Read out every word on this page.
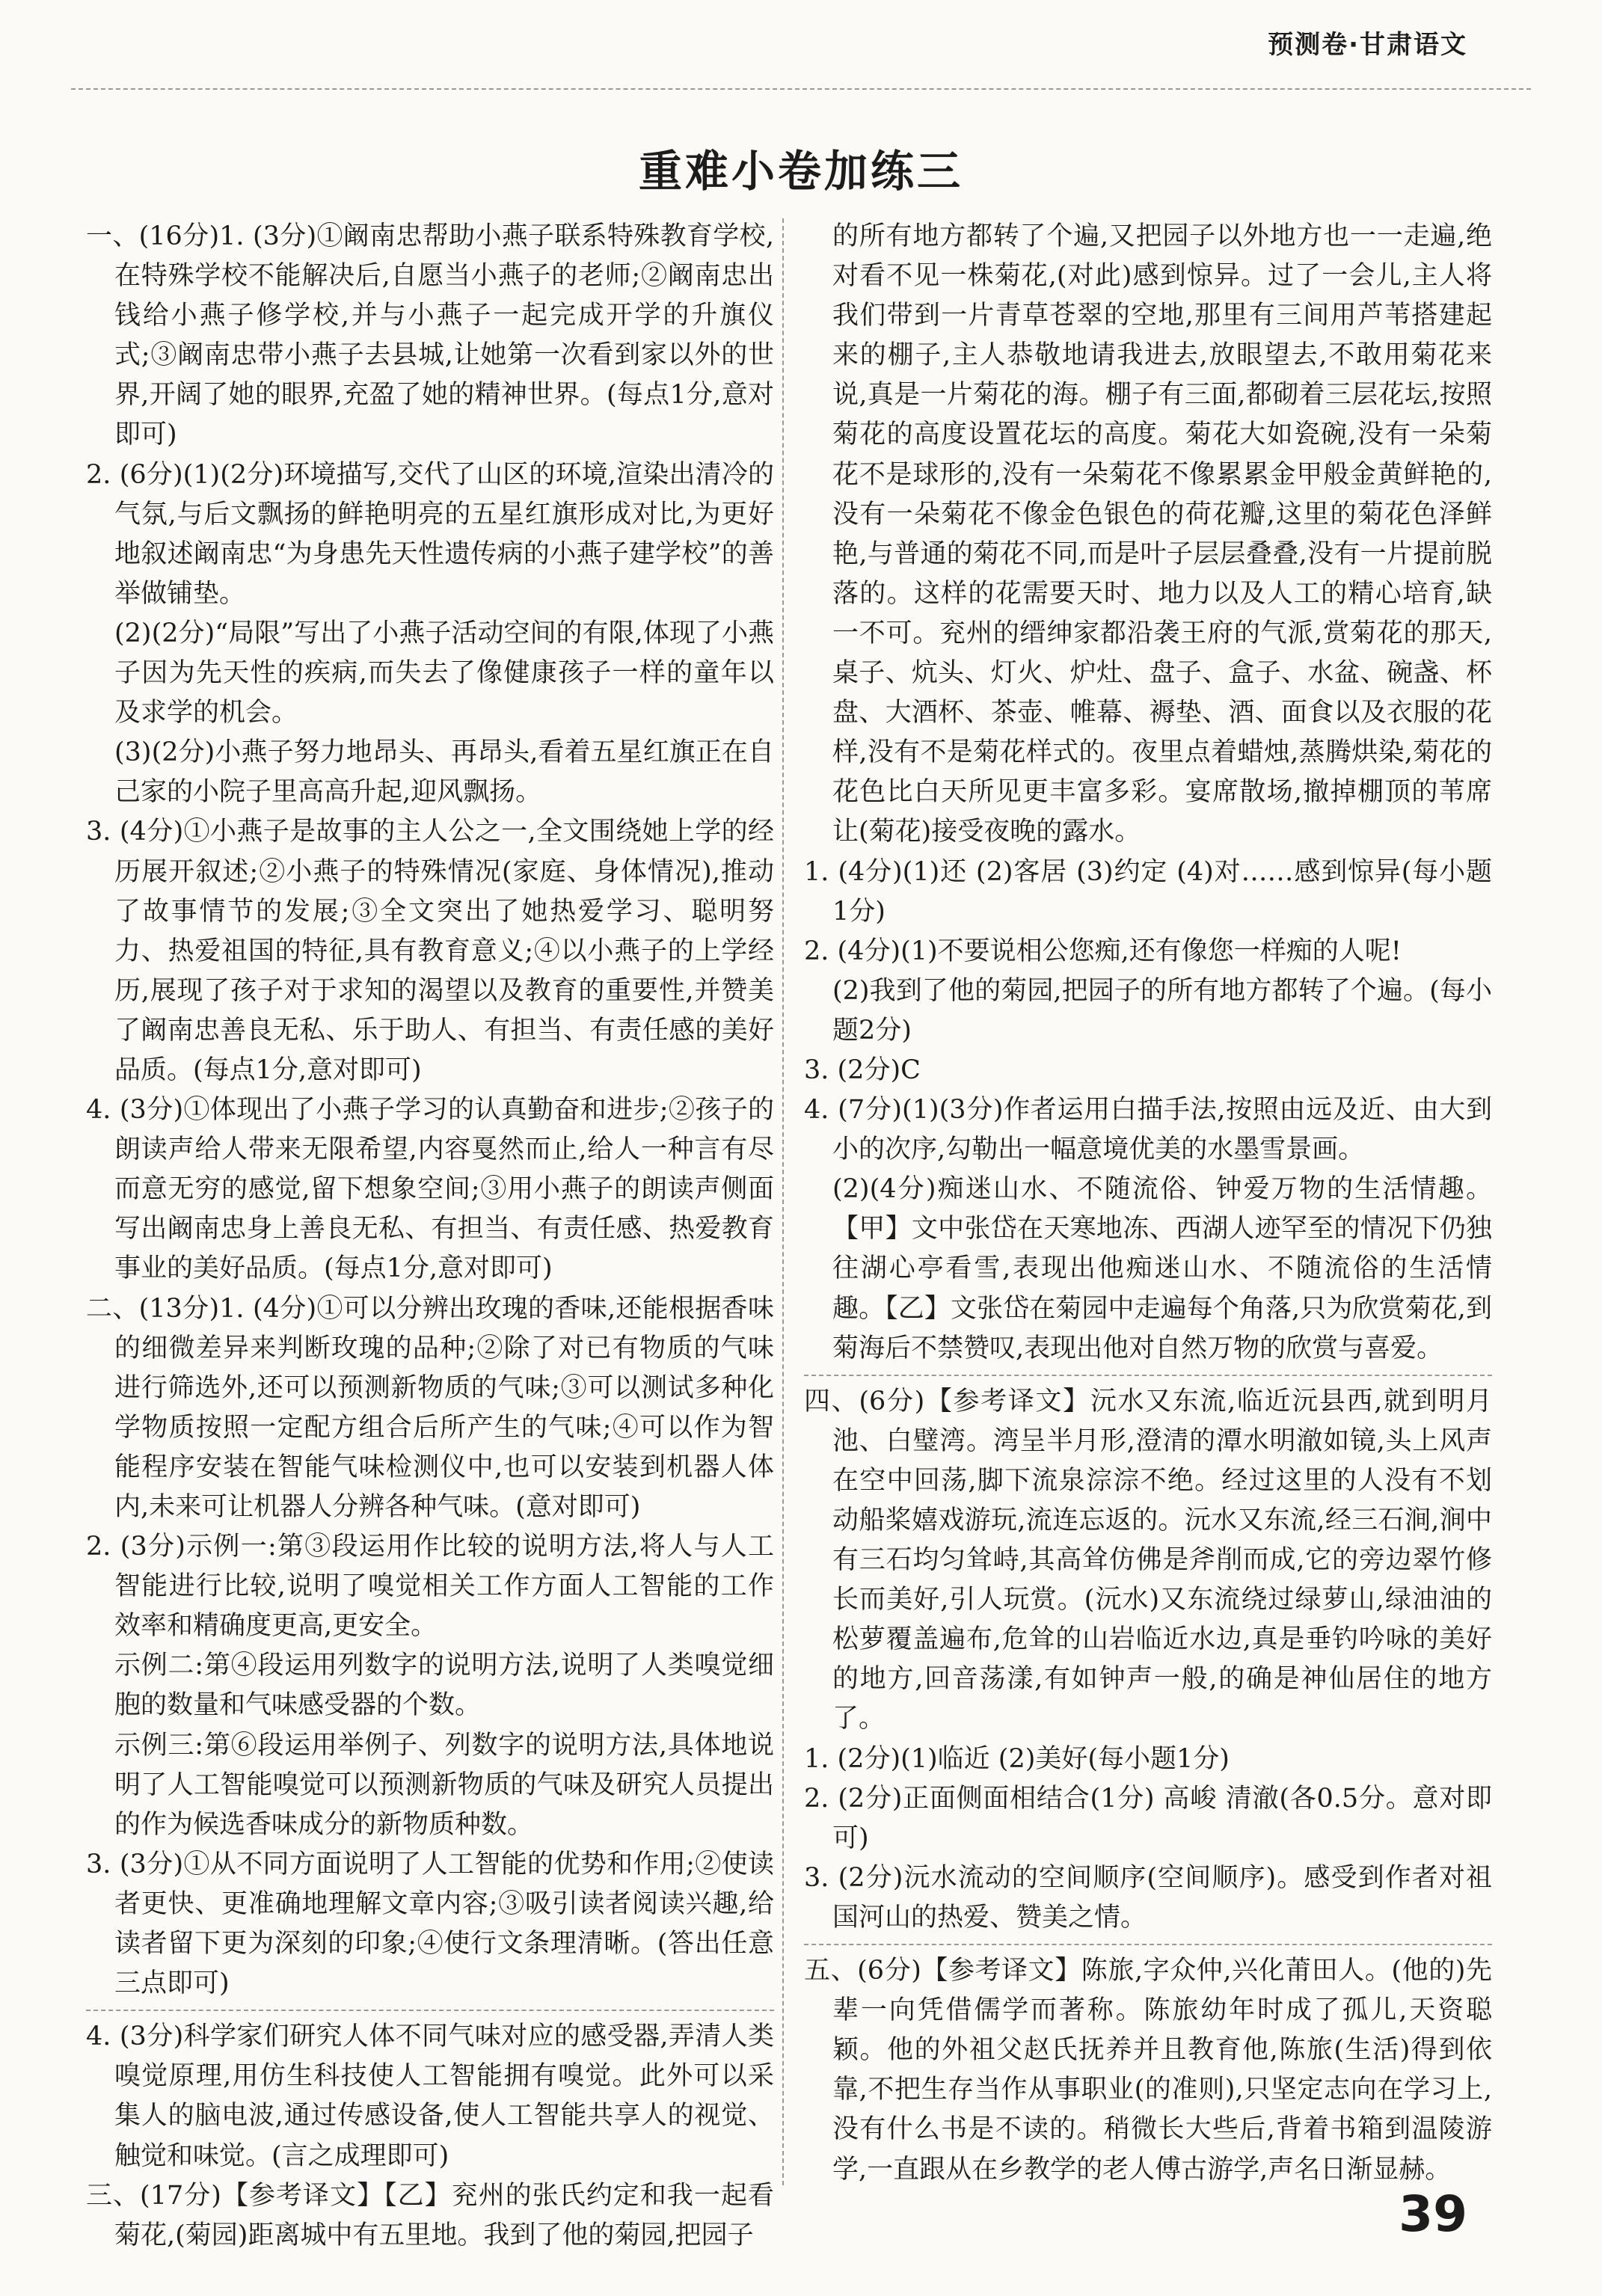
预测卷·甘肃语文
重难小卷加练三

一、(16分)1. (3分)①阚南忠帮助小燕子联系特殊教育学校,在特殊学校不能解决后,自愿当小燕子的老师;②阚南忠出钱给小燕子修学校,并与小燕子一起完成开学的升旗仪式;③阚南忠带小燕子去县城,让她第一次看到家以外的世界,开阔了她的眼界,充盈了她的精神世界。(每点1分,意对即可)

2. (6分)(1)(2分)环境描写,交代了山区的环境,渲染出清冷的气氛,与后文飘扬的鲜艳明亮的五星红旗形成对比,为更好地叙述阚南忠“为身患先天性遗传病的小燕子建学校”的善举做铺垫。

(2)(2分)“局限”写出了小燕子活动空间的有限,体现了小燕子因为先天性的疾病,而失去了像健康孩子一样的童年以及求学的机会。

(3)(2分)小燕子努力地昂头、再昂头,看着五星红旗正在自己家的小院子里高高升起,迎风飘扬。

3. (4分)①小燕子是故事的主人公之一,全文围绕她上学的经历展开叙述;②小燕子的特殊情况(家庭、身体情况),推动了故事情节的发展;③全文突出了她热爱学习、聪明努力、热爱祖国的特征,具有教育意义;④以小燕子的上学经历,展现了孩子对于求知的渴望以及教育的重要性,并赞美了阚南忠善良无私、乐于助人、有担当、有责任感的美好品质。(每点1分,意对即可)

4. (3分)①体现出了小燕子学习的认真勤奋和进步;②孩子的朗读声给人带来无限希望,内容戛然而止,给人一种言有尽而意无穷的感觉,留下想象空间;③用小燕子的朗读声侧面写出阚南忠身上善良无私、有担当、有责任感、热爱教育事业的美好品质。(每点1分,意对即可)

二、(13分)1. (4分)①可以分辨出玫瑰的香味,还能根据香味的细微差异来判断玫瑰的品种;②除了对已有物质的气味进行筛选外,还可以预测新物质的气味;③可以测试多种化学物质按照一定配方组合后所产生的气味;④可以作为智能程序安装在智能气味检测仪中,也可以安装到机器人体内,未来可让机器人分辨各种气味。(意对即可)

2. (3分)示例一:第③段运用作比较的说明方法,将人与人工智能进行比较,说明了嗅觉相关工作方面人工智能的工作效率和精确度更高,更安全。

示例二:第④段运用列数字的说明方法,说明了人类嗅觉细胞的数量和气味感受器的个数。

示例三:第⑥段运用举例子、列数字的说明方法,具体地说明了人工智能嗅觉可以预测新物质的气味及研究人员提出的作为候选香味成分的新物质种数。

3. (3分)①从不同方面说明了人工智能的优势和作用;②使读者更快、更准确地理解文章内容;③吸引读者阅读兴趣,给读者留下更为深刻的印象;④使行文条理清晰。(答出任意三点即可)

4. (3分)科学家们研究人体不同气味对应的感受器,弄清人类嗅觉原理,用仿生科技使人工智能拥有嗅觉。此外可以采集人的脑电波,通过传感设备,使人工智能共享人的视觉、触觉和味觉。(言之成理即可)

三、(17分)【参考译文】【乙】兖州的张氏约定和我一起看菊花,(菊园)距离城中有五里地。我到了他的菊园,把园子

的所有地方都转了个遍,又把园子以外地方也一一走遍,绝对看不见一株菊花,(对此)感到惊异。过了一会儿,主人将我们带到一片青草苍翠的空地,那里有三间用芦苇搭建起来的棚子,主人恭敬地请我进去,放眼望去,不敢用菊花来说,真是一片菊花的海。棚子有三面,都砌着三层花坛,按照菊花的高度设置花坛的高度。菊花大如瓷碗,没有一朵菊花不是球形的,没有一朵菊花不像累累金甲般金黄鲜艳的,没有一朵菊花不像金色银色的荷花瓣,这里的菊花色泽鲜艳,与普通的菊花不同,而是叶子层层叠叠,没有一片提前脱落的。这样的花需要天时、地力以及人工的精心培育,缺一不可。兖州的缙绅家都沿袭王府的气派,赏菊花的那天,桌子、炕头、灯火、炉灶、盘子、盒子、水盆、碗盏、杯盘、大酒杯、茶壶、帷幕、褥垫、酒、面食以及衣服的花样,没有不是菊花样式的。夜里点着蜡烛,蒸腾烘染,菊花的花色比白天所见更丰富多彩。宴席散场,撤掉棚顶的苇席让(菊花)接受夜晚的露水。

1. (4分)(1)还 (2)客居 (3)约定 (4)对……感到惊异(每小题1分)

2. (4分)(1)不要说相公您痴,还有像您一样痴的人呢!

(2)我到了他的菊园,把园子的所有地方都转了个遍。(每小题2分)

3. (2分)C

4. (7分)(1)(3分)作者运用白描手法,按照由远及近、由大到小的次序,勾勒出一幅意境优美的水墨雪景画。

(2)(4分)痴迷山水、不随流俗、钟爱万物的生活情趣。【甲】文中张岱在天寒地冻、西湖人迹罕至的情况下仍独往湖心亭看雪,表现出他痴迷山水、不随流俗的生活情趣。【乙】文张岱在菊园中走遍每个角落,只为欣赏菊花,到菊海后不禁赞叹,表现出他对自然万物的欣赏与喜爱。

四、(6分)【参考译文】沅水又东流,临近沅县西,就到明月池、白璧湾。湾呈半月形,澄清的潭水明澈如镜,头上风声在空中回荡,脚下流泉淙淙不绝。经过这里的人没有不划动船桨嬉戏游玩,流连忘返的。沅水又东流,经三石涧,涧中有三石均匀耸峙,其高耸仿佛是斧削而成,它的旁边翠竹修长而美好,引人玩赏。(沅水)又东流绕过绿萝山,绿油油的松萝覆盖遍布,危耸的山岩临近水边,真是垂钓吟咏的美好的地方,回音荡漾,有如钟声一般,的确是神仙居住的地方了。

1. (2分)(1)临近 (2)美好(每小题1分)

2. (2分)正面侧面相结合(1分) 高峻 清澈(各0.5分。意对即可)

3. (2分)沅水流动的空间顺序(空间顺序)。感受到作者对祖国河山的热爱、赞美之情。

五、(6分)【参考译文】陈旅,字众仲,兴化莆田人。(他的)先辈一向凭借儒学而著称。陈旅幼年时成了孤儿,天资聪颖。他的外祖父赵氏抚养并且教育他,陈旅(生活)得到依靠,不把生存当作从事职业(的准则),只坚定志向在学习上,没有什么书是不读的。稍微长大些后,背着书箱到温陵游学,一直跟从在乡教学的老人傅古游学,声名日渐显赫。

39
